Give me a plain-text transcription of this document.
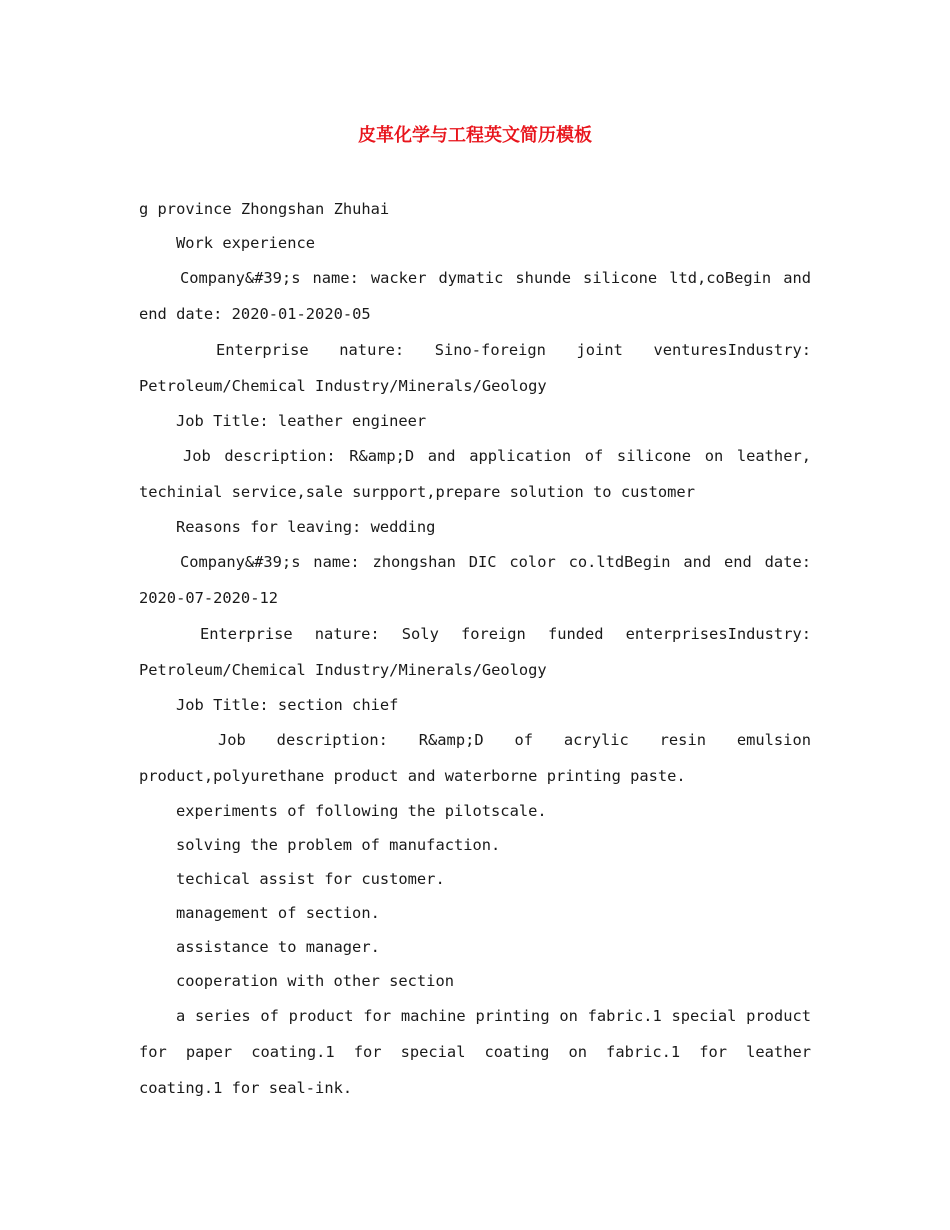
皮革化学与工程英文简历模板

g province Zhongshan Zhuhai

Work experience

Company&#39;s name: wacker dymatic shunde silicone ltd,coBegin and end date: 2020-01-2020-05

Enterprise nature: Sino-foreign joint venturesIndustry: Petroleum/Chemical Industry/Minerals/Geology

Job Title: leather engineer

Job description: R&amp;D and application of silicone on leather, techinial service,sale surpport,prepare solution to customer

Reasons for leaving: wedding

Company&#39;s name: zhongshan DIC color co.ltdBegin and end date: 2020-07-2020-12

Enterprise nature: Soly foreign funded enterprisesIndustry: Petroleum/Chemical Industry/Minerals/Geology

Job Title: section chief

Job description: R&amp;D of acrylic resin emulsion product,polyurethane product and waterborne printing paste.

experiments of following the pilotscale.

solving the problem of manufaction.

techical assist for customer.

management of section.

assistance to manager.

cooperation with other section

a series of product for machine printing on fabric.1 special product for paper coating.1 for special coating on fabric.1 for leather coating.1 for seal-ink.
